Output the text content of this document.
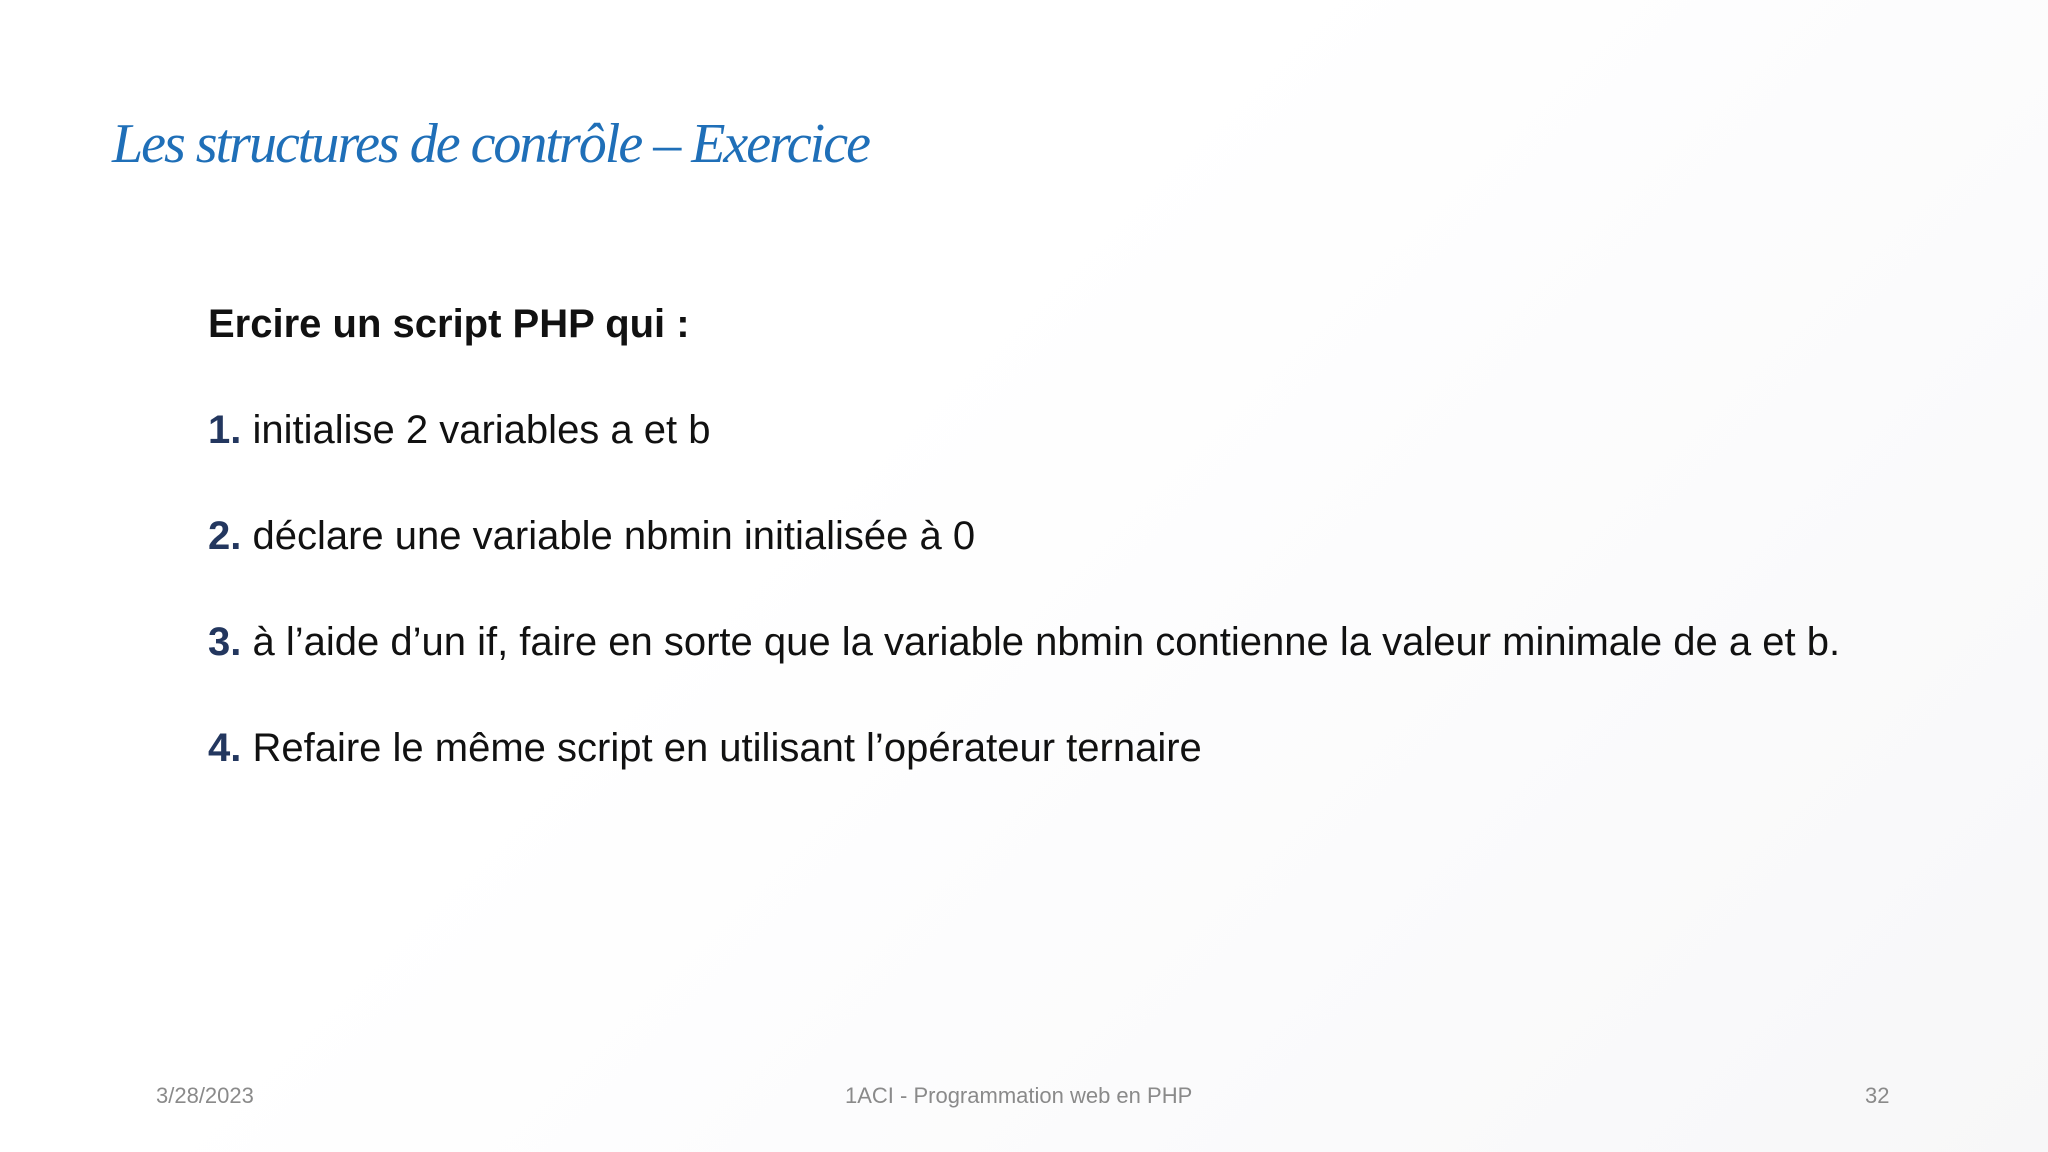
Les structures de contrôle – Exercice
Ercire un script PHP qui :
1. initialise 2 variables a et b
2. déclare une variable nbmin initialisée à 0
3. à l’aide d’un if, faire en sorte que la variable nbmin contienne la valeur minimale de a et b.
4. Refaire le même script en utilisant l’opérateur ternaire
3/28/2023	1ACI - Programmation web en PHP	32
